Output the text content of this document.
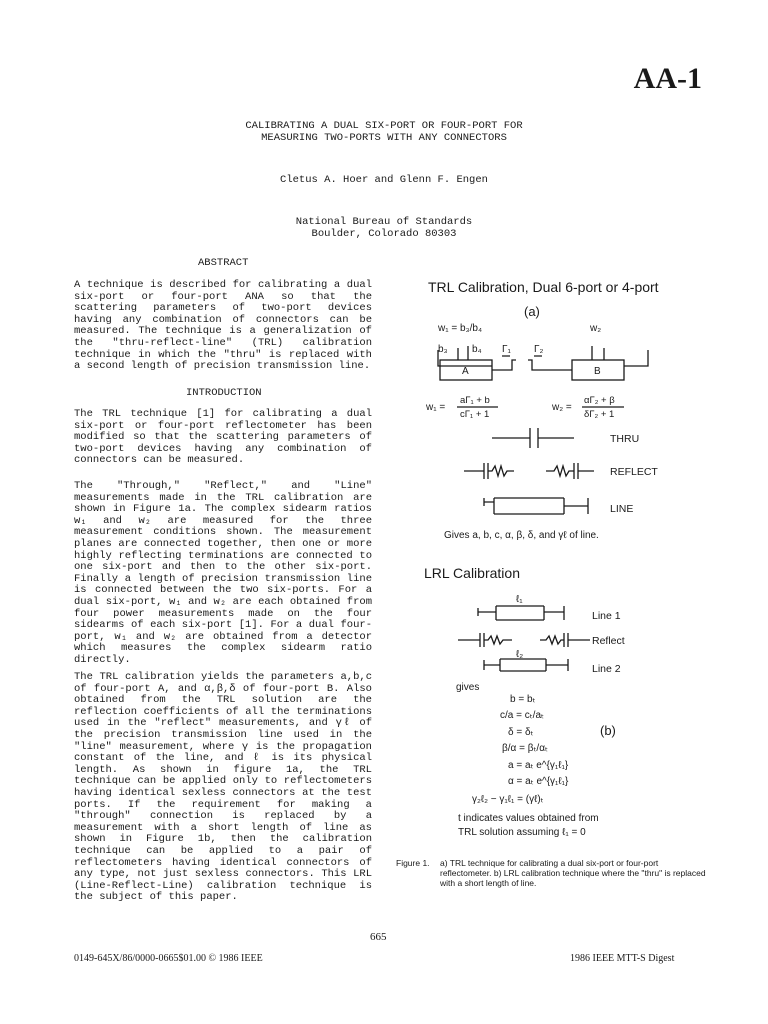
AA-1
CALIBRATING A DUAL SIX-PORT OR FOUR-PORT FOR
MEASURING TWO-PORTS WITH ANY CONNECTORS
Cletus A. Hoer and Glenn F. Engen
National Bureau of Standards
Boulder, Colorado 80303
ABSTRACT

A technique is described for calibrating a dual six-port or four-port ANA so that the scattering parameters of two-port devices having any combination of connectors can be measured. The technique is a generalization of the "thru-reflect-line" (TRL) calibration technique in which the "thru" is replaced with a second length of precision transmission line.

INTRODUCTION

The TRL technique [1] for calibrating a dual six-port or four-port reflectometer has been modified so that the scattering parameters of two-port devices having any combination of connectors can be measured.

The "Through," "Reflect," and "Line" measurements made in the TRL calibration are shown in Figure 1a. The complex sidearm ratios w₁ and w₂ are measured for the three measurement conditions shown. The measurement planes are connected together, then one or more highly reflecting terminations are connected to one six-port and then to the other six-port. Finally a length of precision transmission line is connected between the two six-ports. For a dual six-port, w₁ and w₂ are each obtained from four power measurements made on the four sidearms of each six-port [1]. For a dual four-port, w₁ and w₂ are obtained from a detector which measures the complex sidearm ratio directly.

The TRL calibration yields the parameters a,b,c of four-port A, and α,β,δ of four-port B. Also obtained from the TRL solution are the reflection coefficients of all the terminations used in the "reflect" measurements, and γℓ of the precision transmission line used in the "line" measurement, where γ is the propagation constant of the line, and ℓ is its physical length. As shown in figure 1a, the TRL technique can be applied only to reflectometers having identical sexless connectors at the test ports. If the requirement for making a "through" connection is replaced by a measurement with a short length of line as shown in Figure 1b, then the calibration technique can be applied to a pair of reflectometers having identical connectors of any type, not just sexless connectors. This LRL (Line-Reflect-Line) calibration technique is the subject of this paper.

TRL Calibration, Dual 6-port or 4-port
(a)
w₁ = b₃/b₄	w₂
b₃ b₄ Γ₁ Γ₂
A	B
w₁ =
aΓ₁ + b
cΓ₁ + 1
w₂ =
αΓ₂ + β
δΓ₂ + 1
THRU
REFLECT
LINE
Gives a, b, c, α, β, δ, and γℓ of line.
LRL Calibration
ℓ₁
Line 1
Reflect
ℓ₂
Line 2
gives
b = bₜ
c/a = cₜ/aₜ
δ = δₜ	(b)
β/α = βₜ/αₜ
a = aₜ e^{γ₁ℓ₁}
α = aₜ e^{γ₁ℓ₁}
γ₂ℓ₂ − γ₁ℓ₁ = (γℓ)ₜ
t indicates values obtained from
TRL solution assuming ℓ₁ = 0
Figure 1. a) TRL technique for calibrating a dual six-port or four-port reflectometer. b) LRL calibration technique where the "thru" is replaced with a short length of line.
665
0149-645X/86/0000-0665$01.00 © 1986 IEEE	1986 IEEE MTT-S Digest
